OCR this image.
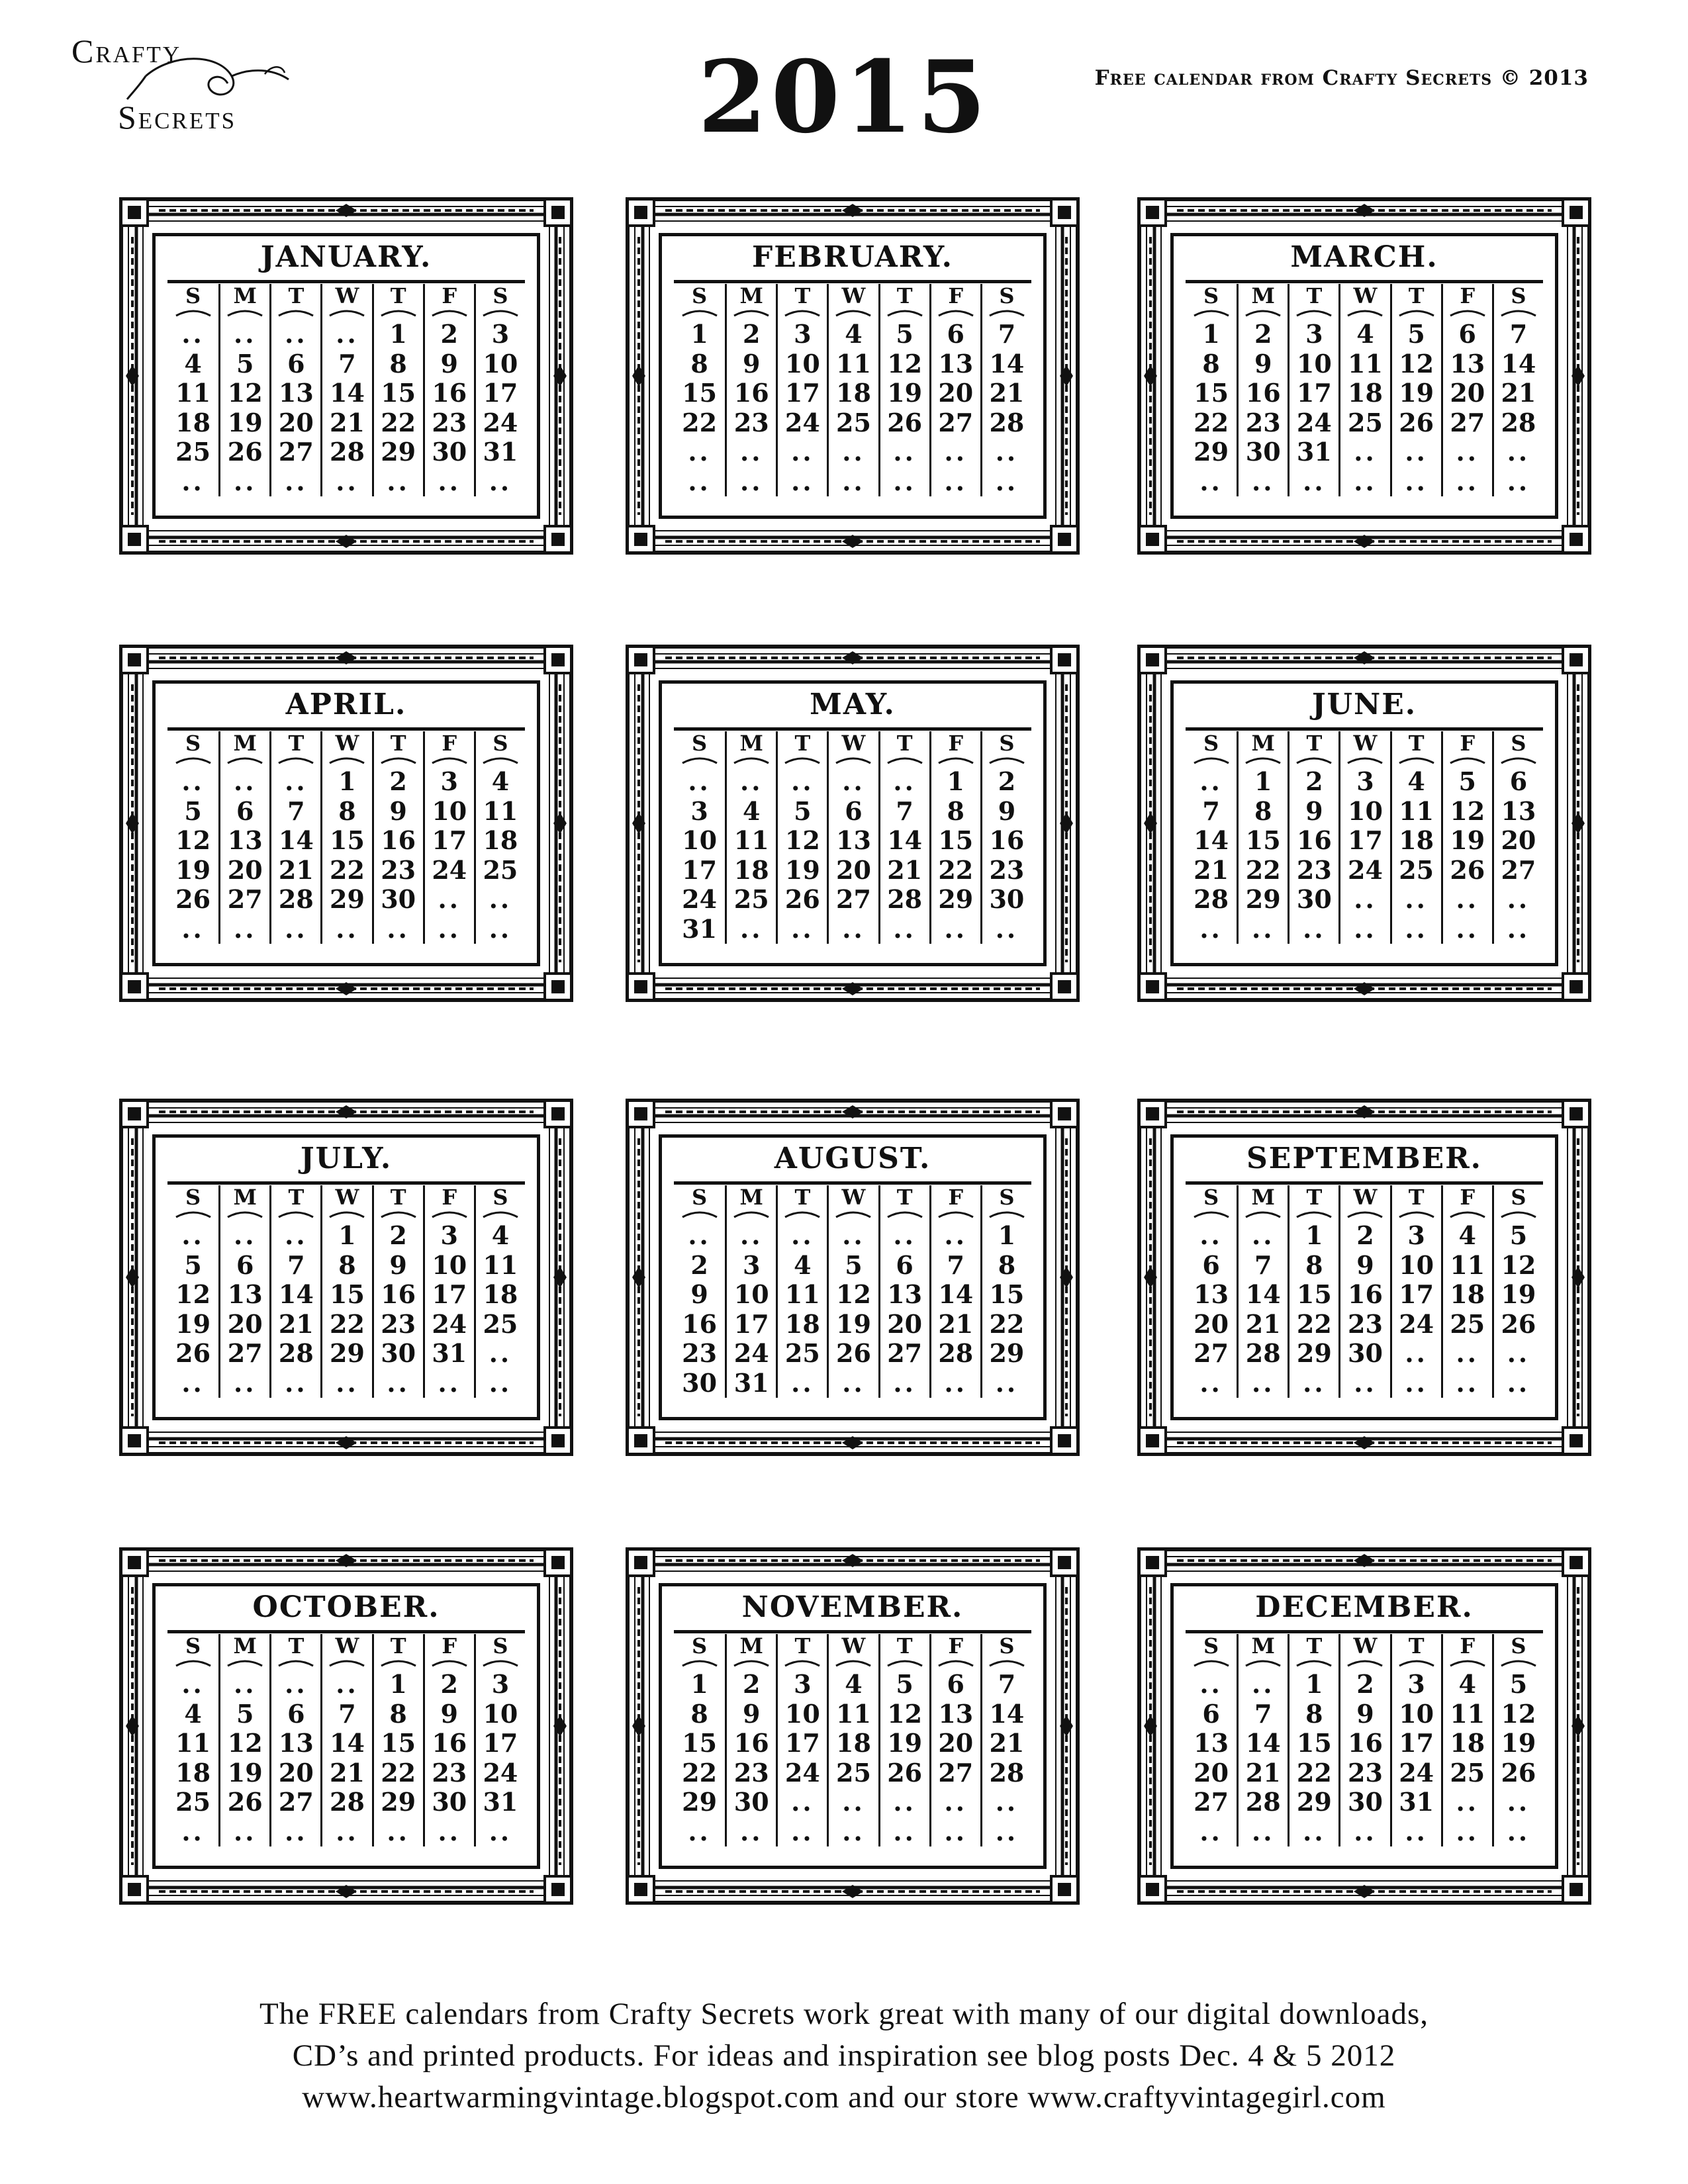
Crafty
Secrets	2015	Free calendar from Crafty Secrets © 2013
JANUARY.
S
..
4
11
18
25
..
M
..
5
12
19
26
..
T
..
6
13
20
27
..
W
..
7
14
21
28
..
T
1
8
15
22
29
..
F
2
9
16
23
30
..
S
3
10
17
24
31
..
FEBRUARY.
S
1
8
15
22
..
..
M
2
9
16
23
..
..
T
3
10
17
24
..
..
W
4
11
18
25
..
..
T
5
12
19
26
..
..
F
6
13
20
27
..
..
S
7
14
21
28
..
..
MARCH.
S
1
8
15
22
29
..
M
2
9
16
23
30
..
T
3
10
17
24
31
..
W
4
11
18
25
..
..
T
5
12
19
26
..
..
F
6
13
20
27
..
..
S
7
14
21
28
..
..
APRIL.
S
..
5
12
19
26
..
M
..
6
13
20
27
..
T
..
7
14
21
28
..
W
1
8
15
22
29
..
T
2
9
16
23
30
..
F
3
10
17
24
..
..
S
4
11
18
25
..
..
MAY.
S
..
3
10
17
24
31
M
..
4
11
18
25
..
T
..
5
12
19
26
..
W
..
6
13
20
27
..
T
..
7
14
21
28
..
F
1
8
15
22
29
..
S
2
9
16
23
30
..
JUNE.
S
..
7
14
21
28
..
M
1
8
15
22
29
..
T
2
9
16
23
30
..
W
3
10
17
24
..
..
T
4
11
18
25
..
..
F
5
12
19
26
..
..
S
6
13
20
27
..
..
JULY.
S
..
5
12
19
26
..
M
..
6
13
20
27
..
T
..
7
14
21
28
..
W
1
8
15
22
29
..
T
2
9
16
23
30
..
F
3
10
17
24
31
..
S
4
11
18
25
..
..
AUGUST.
S
..
2
9
16
23
30
M
..
3
10
17
24
31
T
..
4
11
18
25
..
W
..
5
12
19
26
..
T
..
6
13
20
27
..
F
..
7
14
21
28
..
S
1
8
15
22
29
..
SEPTEMBER.
S
..
6
13
20
27
..
M
..
7
14
21
28
..
T
1
8
15
22
29
..
W
2
9
16
23
30
..
T
3
10
17
24
..
..
F
4
11
18
25
..
..
S
5
12
19
26
..
..
OCTOBER.
S
..
4
11
18
25
..
M
..
5
12
19
26
..
T
..
6
13
20
27
..
W
..
7
14
21
28
..
T
1
8
15
22
29
..
F
2
9
16
23
30
..
S
3
10
17
24
31
..
NOVEMBER.
S
1
8
15
22
29
..
M
2
9
16
23
30
..
T
3
10
17
24
..
..
W
4
11
18
25
..
..
T
5
12
19
26
..
..
F
6
13
20
27
..
..
S
7
14
21
28
..
..
DECEMBER.
S
..
6
13
20
27
..
M
..
7
14
21
28
..
T
1
8
15
22
29
..
W
2
9
16
23
30
..
T
3
10
17
24
31
..
F
4
11
18
25
..
..
S
5
12
19
26
..
..
The FREE calendars from Crafty Secrets work great with many of our digital downloads,
CD’s and printed products. For ideas and inspiration see blog posts Dec. 4 & 5 2012
www.heartwarmingvintage.blogspot.com and our store www.craftyvintagegirl.com
